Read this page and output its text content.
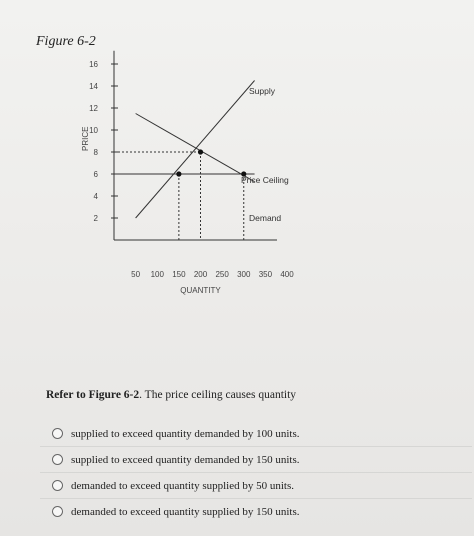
Figure 6-2
2
4
6
8
10
12
14
16
50 100 150 200 250 300 350 400
QUANTITY
PRICE
Supply
Price Ceiling
Demand
Refer to Figure 6-2. The price ceiling causes quantity
supplied to exceed quantity demanded by 100 units.
supplied to exceed quantity demanded by 150 units.
demanded to exceed quantity supplied by 50 units.
demanded to exceed quantity supplied by 150 units.
